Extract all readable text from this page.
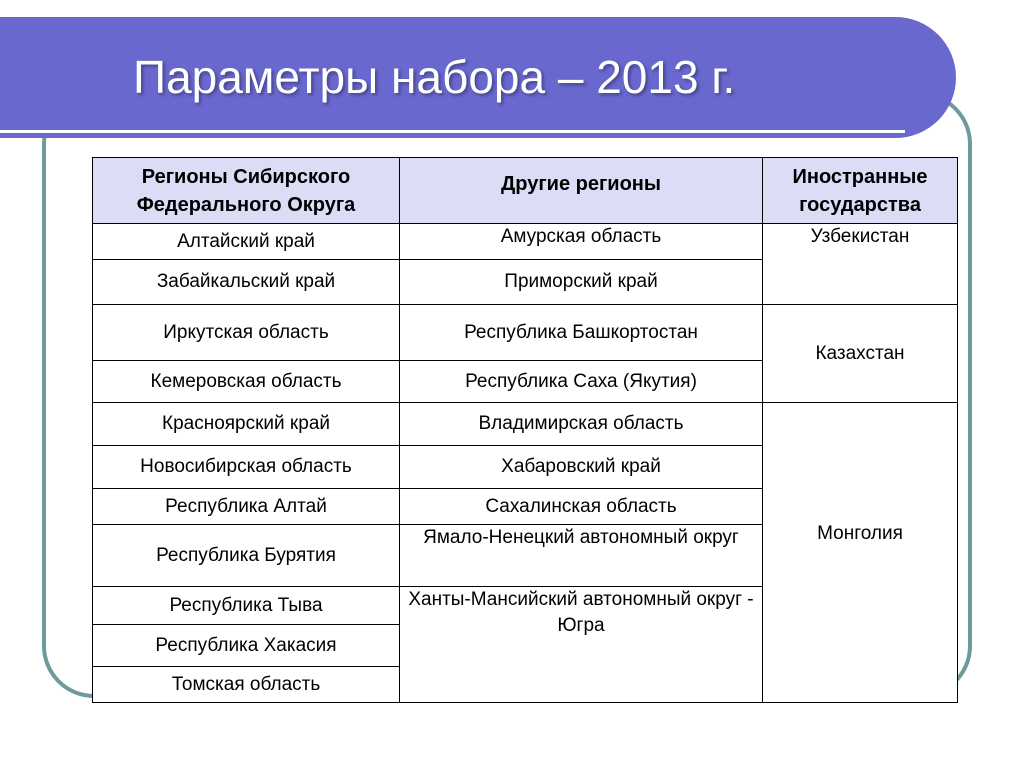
Параметры набора – 2013 г.
Регионы Сибирского Федерального Округа	Другие регионы	Иностранные государства
Алтайский край	Амурская область	Узбекистан
Забайкальский край	Приморский край	
Иркутская область	Республика Башкортостан	Казахстан
Кемеровская область	Республика Саха (Якутия)	
Красноярский край	Владимирская область	Монголия
Новосибирская область	Хабаровский край	
Республика Алтай	Сахалинская область	
Республика Бурятия	Ямало-Ненецкий автономный округ	
Республика Тыва	Ханты-Мансийский автономный округ - Югра	
Республика Хакасия		
Томская область		
